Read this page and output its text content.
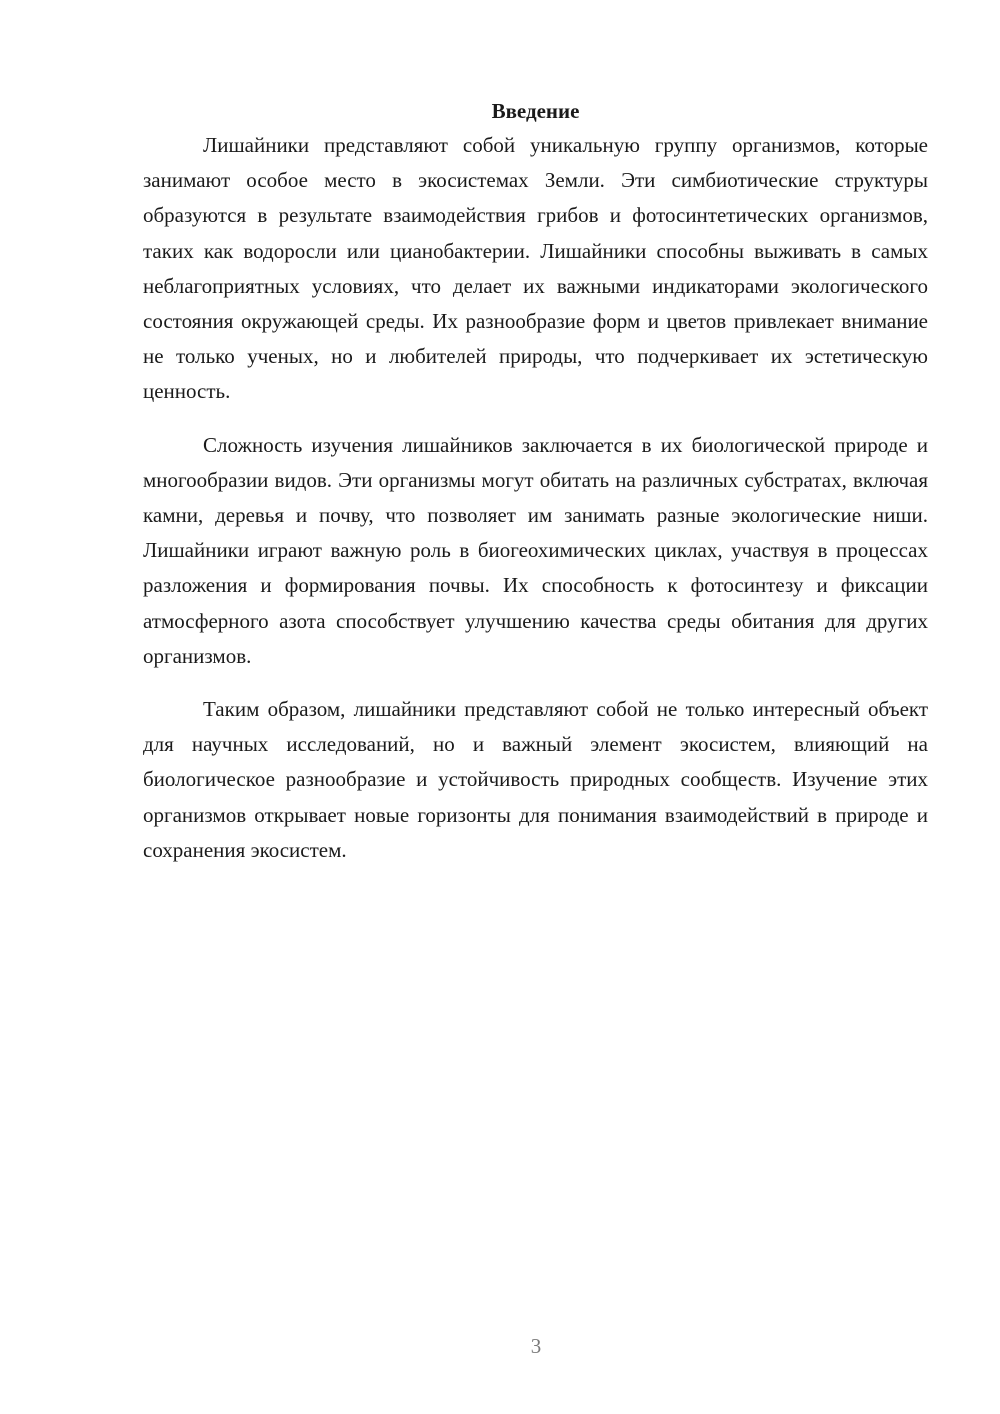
Введение

Лишайники представляют собой уникальную группу организмов, которые занимают особое место в экосистемах Земли. Эти симбиотические структуры образуются в результате взаимодействия грибов и фотосинтетических организмов, таких как водоросли или цианобактерии. Лишайники способны выживать в самых неблагоприятных условиях, что делает их важными индикаторами экологического состояния окружающей среды. Их разнообразие форм и цветов привлекает внимание не только ученых, но и любителей природы, что подчеркивает их эстетическую ценность.

Сложность изучения лишайников заключается в их биологической природе и многообразии видов. Эти организмы могут обитать на различных субстратах, включая камни, деревья и почву, что позволяет им занимать разные экологические ниши. Лишайники играют важную роль в биогеохимических циклах, участвуя в процессах разложения и формирования почвы. Их способность к фотосинтезу и фиксации атмосферного азота способствует улучшению качества среды обитания для других организмов.

Таким образом, лишайники представляют собой не только интересный объект для научных исследований, но и важный элемент экосистем, влияющий на биологическое разнообразие и устойчивость природных сообществ. Изучение этих организмов открывает новые горизонты для понимания взаимодействий в природе и сохранения экосистем.

3
